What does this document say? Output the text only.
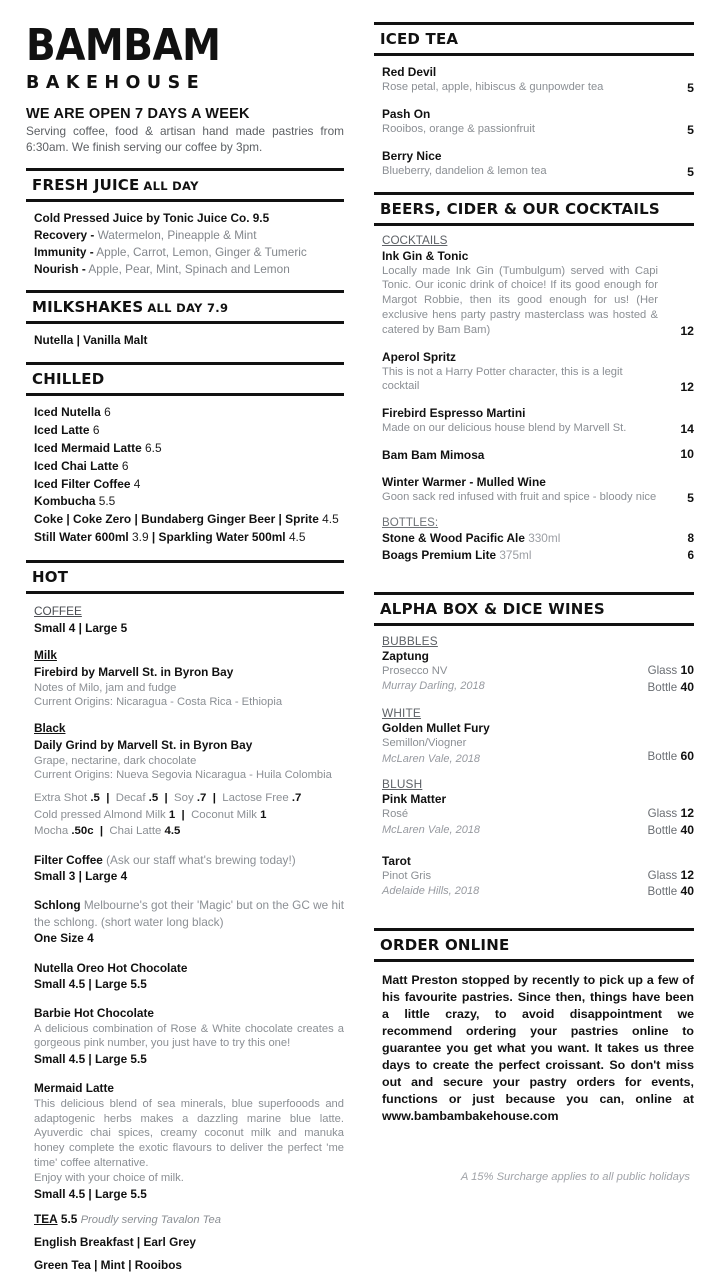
BAMBAM
BAKEHOUSE
WE ARE OPEN 7 DAYS A WEEK
Serving coffee, food & artisan hand made pastries from 6:30am. We finish serving our coffee by 3pm.
FRESH JUICE ALL DAY
Cold Pressed Juice by Tonic Juice Co. 9.5
Recovery - Watermelon, Pineapple & Mint
Immunity - Apple, Carrot, Lemon, Ginger & Tumeric
Nourish - Apple, Pear, Mint, Spinach and Lemon
MILKSHAKES ALL DAY 7.9
Nutella | Vanilla Malt
CHILLED
Iced Nutella 6
Iced Latte 6
Iced Mermaid Latte 6.5
Iced Chai Latte 6
Iced Filter Coffee 4
Kombucha 5.5
Coke | Coke Zero | Bundaberg Ginger Beer | Sprite 4.5
Still Water 600ml 3.9 | Sparkling Water 500ml 4.5
HOT
COFFEE
Small 4 | Large 5
Milk
Firebird by Marvell St. in Byron Bay
Notes of Milo, jam and fudge
Current Origins: Nicaragua - Costa Rica - Ethiopia
Black
Daily Grind by Marvell St. in Byron Bay
Grape, nectarine, dark chocolate
Current Origins: Nueva Segovia Nicaragua - Huila Colombia
Extra Shot .5  |  Decaf .5  |  Soy .7  |  Lactose Free .7
Cold pressed Almond Milk 1  |  Coconut Milk 1
Mocha .50c  |  Chai Latte 4.5
Filter Coffee (Ask our staff what's brewing today!)
Small 3 | Large 4
Schlong Melbourne's got their 'Magic' but on the GC we hit the schlong. (short water long black)
One Size 4
Nutella Oreo Hot Chocolate
Small 4.5 | Large 5.5
Barbie Hot Chocolate
A delicious combination of Rose & White chocolate creates a gorgeous pink number, you just have to try this one!
Small 4.5 | Large 5.5
Mermaid Latte
This delicious blend of sea minerals, blue superfooods and adaptogenic herbs makes a dazzling marine blue latte. Ayuverdic chai spices, creamy coconut milk and manuka honey complete the exotic flavours to deliver the perfect 'me time' coffee alternative.
Enjoy with your choice of milk.
Small 4.5 | Large 5.5
TEA 5.5 Proudly serving Tavalon Tea
English Breakfast | Earl Grey
Green Tea | Mint | Rooibos
ICED TEA
Red Devil
Rose petal, apple, hibiscus & gunpowder tea	5
Pash On
Rooibos, orange & passionfruit	5
Berry Nice
Blueberry, dandelion & lemon tea	5
BEERS, CIDER & OUR COCKTAILS
COCKTAILS
Ink Gin & Tonic
Locally made Ink Gin (Tumbulgum) served with Capi Tonic. Our iconic drink of choice! If its good enough for Margot Robbie, then its good enough for us! (Her exclusive hens party pastry masterclass was hosted & catered by Bam Bam)	12
Aperol Spritz
This is not a Harry Potter character, this is a legit cocktail	12
Firebird Espresso Martini
Made on our delicious house blend by Marvell St.	14
Bam Bam Mimosa	10
Winter Warmer - Mulled Wine
Goon sack red infused with fruit and spice - bloody nice	5
BOTTLES:
Stone & Wood Pacific Ale 330ml	8
Boags Premium Lite 375ml	6
ALPHA BOX & DICE WINES
BUBBLES
Zaptung
Prosecco NV
Murray Darling, 2018
Glass 10
Bottle 40
WHITE
Golden Mullet Fury
Semillon/Viogner
McLaren Vale, 2018	Bottle 60
BLUSH
Pink Matter
Rosé
McLaren Vale, 2018
Glass 12
Bottle 40
Tarot
Pinot Gris
Adelaide Hills, 2018
Glass 12
Bottle 40
ORDER ONLINE
Matt Preston stopped by recently to pick up a few of his favourite pastries. Since then, things have been a little crazy, to avoid disappointment we recommend ordering your pastries online to guarantee you get what you want. It takes us three days to create the perfect croissant. So don't miss out and secure your pastry orders for events, functions or just because you can, online at www.bambambakehouse.com
A 15% Surcharge applies to all public holidays
